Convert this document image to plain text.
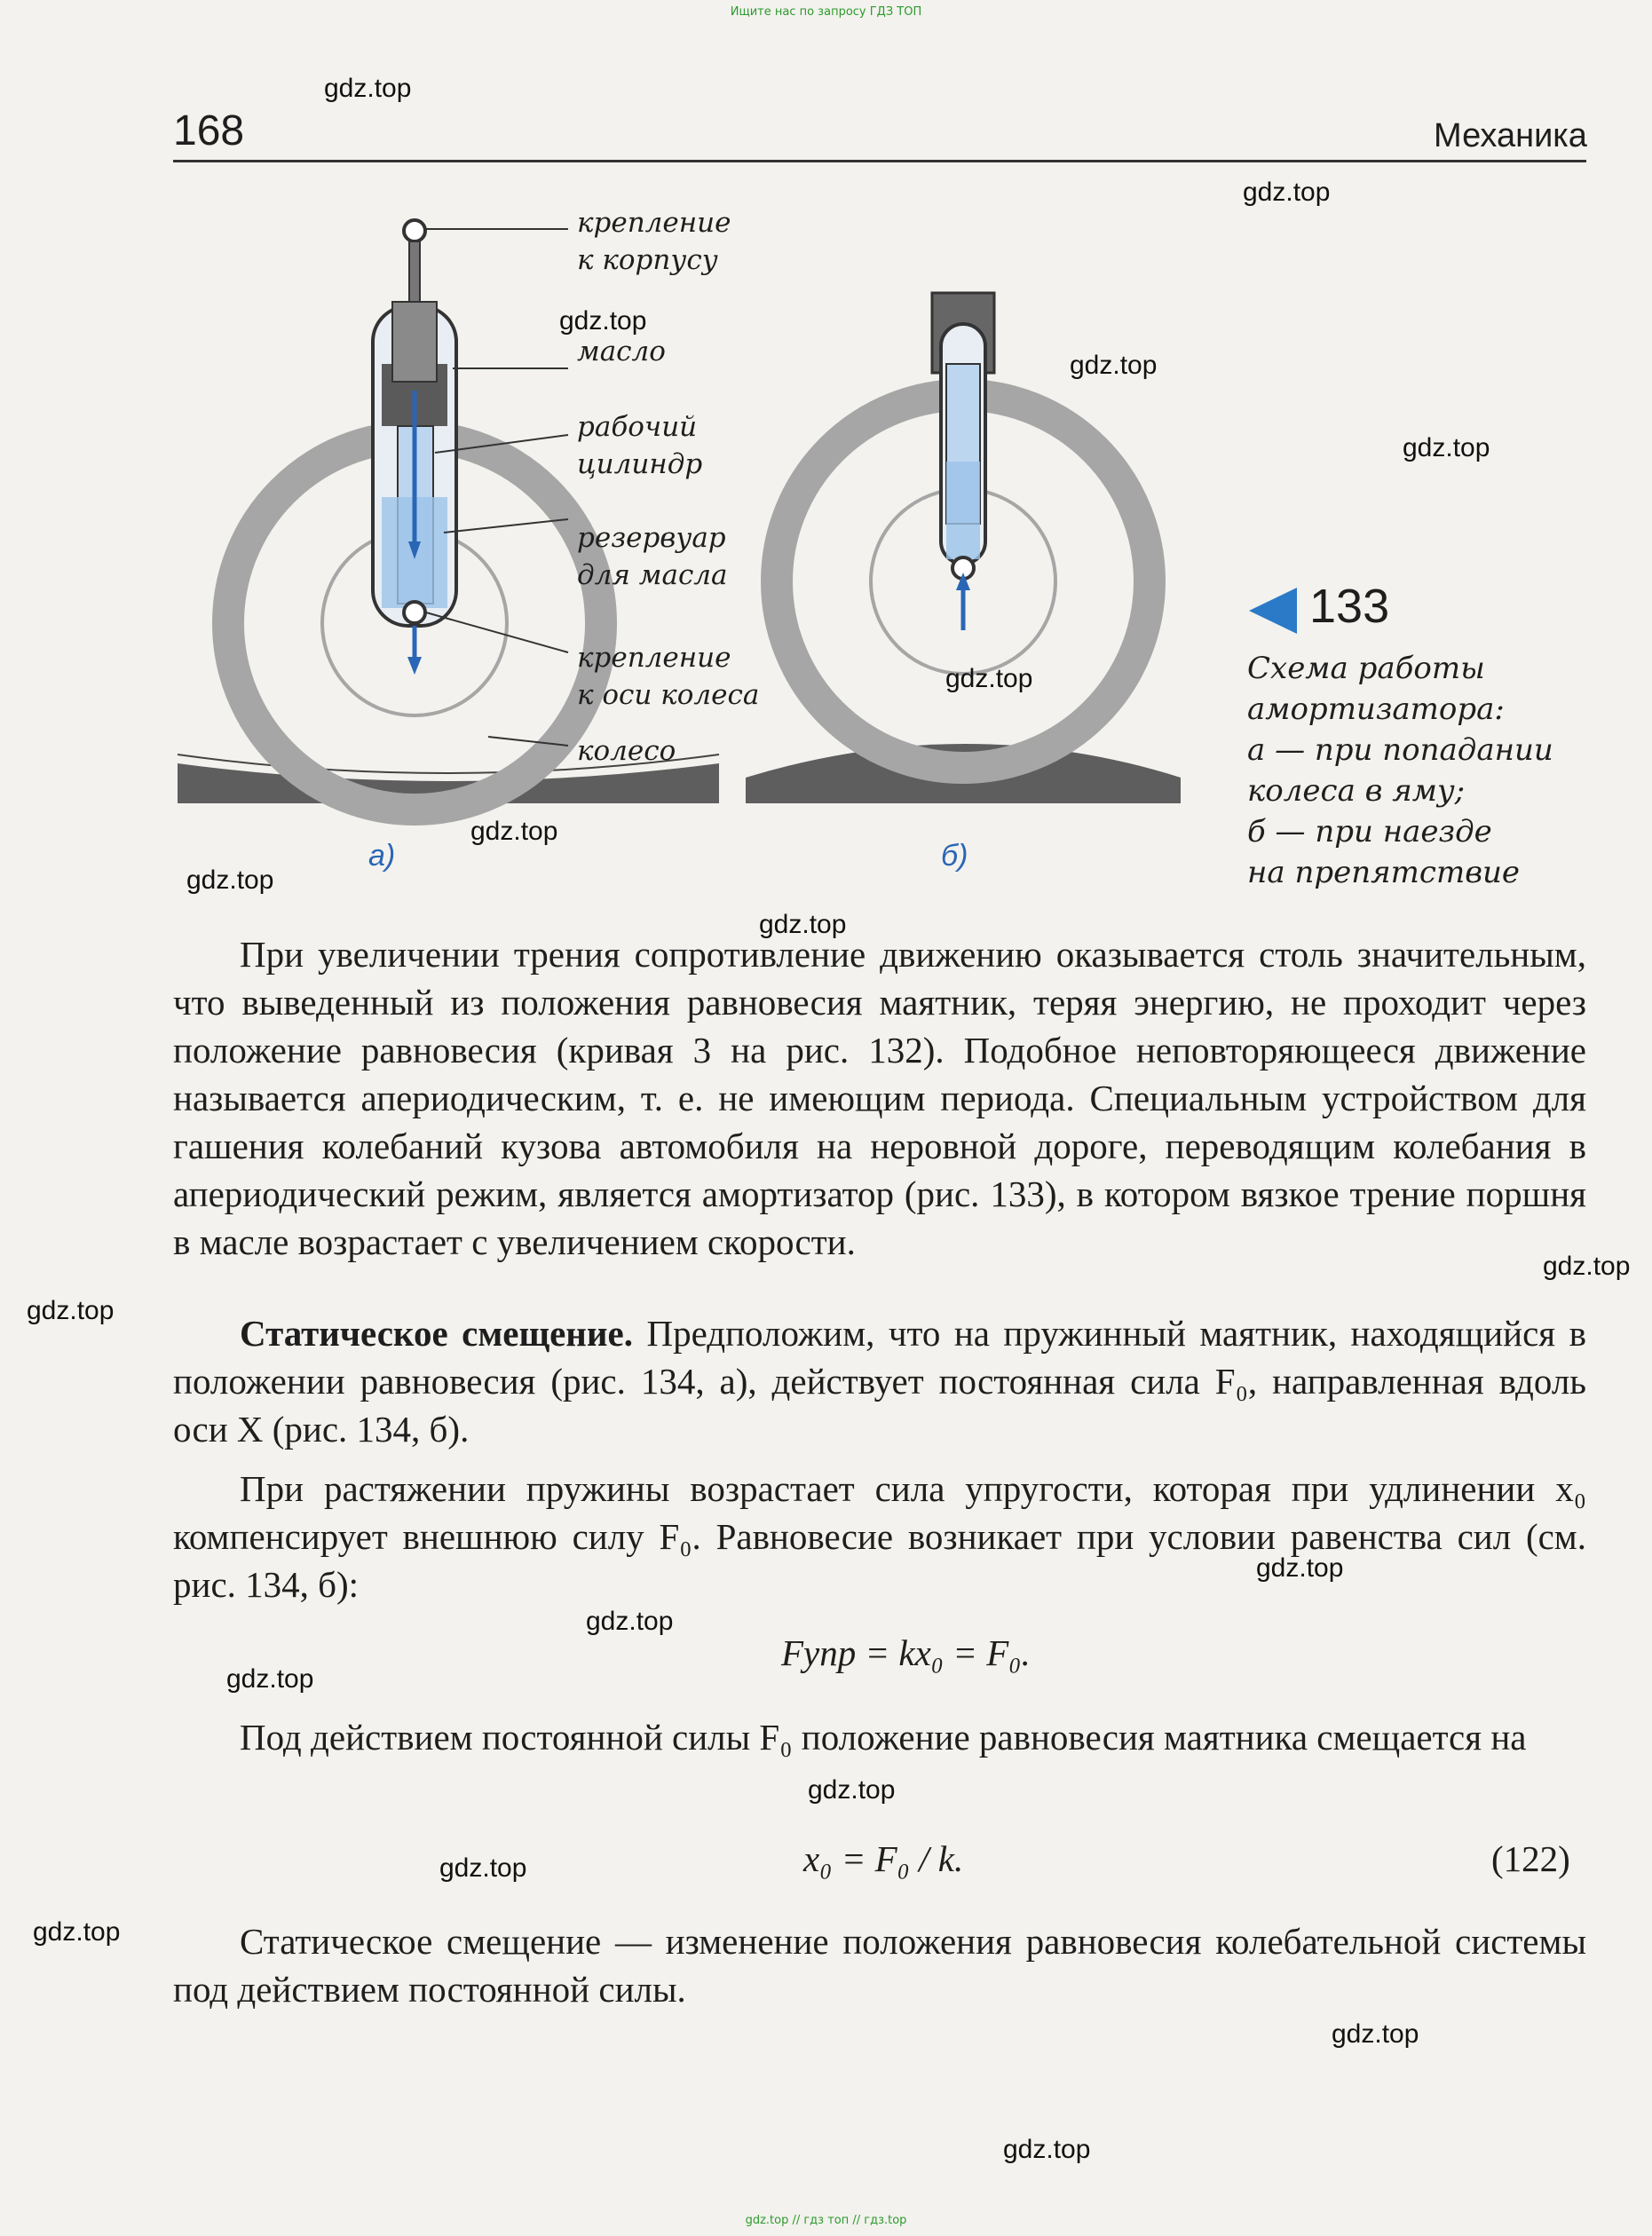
Ищите нас по запросу ГДЗ ТОП
gdz.top // гдз топ // гдз.top
168	Механика
крепление
к корпусу
масло
рабочий
цилиндр
резервуар
для масла
крепление
к оси колеса
колесо
а)	б)
133
Схема работы
амортизатора:
а — при попадании
колеса в яму;
б — при наезде
на препятствие
При увеличении трения сопротивление движению оказывается столь значительным, что выведенный из положения равновесия маятник, теряя энергию, не проходит через положение равновесия (кривая 3 на рис. 132). Подобное неповторяющееся движение называется апериодическим, т. е. не имеющим периода. Специальным устройством для гашения колебаний кузова автомобиля на неровной дороге, переводящим колебания в апериодический режим, является амортизатор (рис. 133), в котором вязкое трение поршня в масле возрастает с увеличением скорости.
Статическое смещение. Предположим, что на пружинный маятник, находящийся в положении равновесия (рис. 134, а), действует постоянная сила F₀, направленная вдоль оси X (рис. 134, б).
При растяжении пружины возрастает сила упругости, которая при удлинении x₀ компенсирует внешнюю силу F₀. Равновесие возникает при условии равенства сил (см. рис. 134, б):
Fупр = kx₀ = F₀.
Под действием постоянной силы F₀ положение равновесия маятника смещается на
x₀ = F₀ / k.	(122)
Статическое смещение — изменение положения равновесия колебательной системы под действием постоянной силы.
gdz.top
gdz.top
gdz.top
gdz.top
gdz.top
gdz.top
gdz.top
gdz.top
gdz.top
gdz.top
gdz.top
gdz.top
gdz.top
gdz.top
gdz.top
gdz.top
gdz.top
gdz.top
gdz.top
